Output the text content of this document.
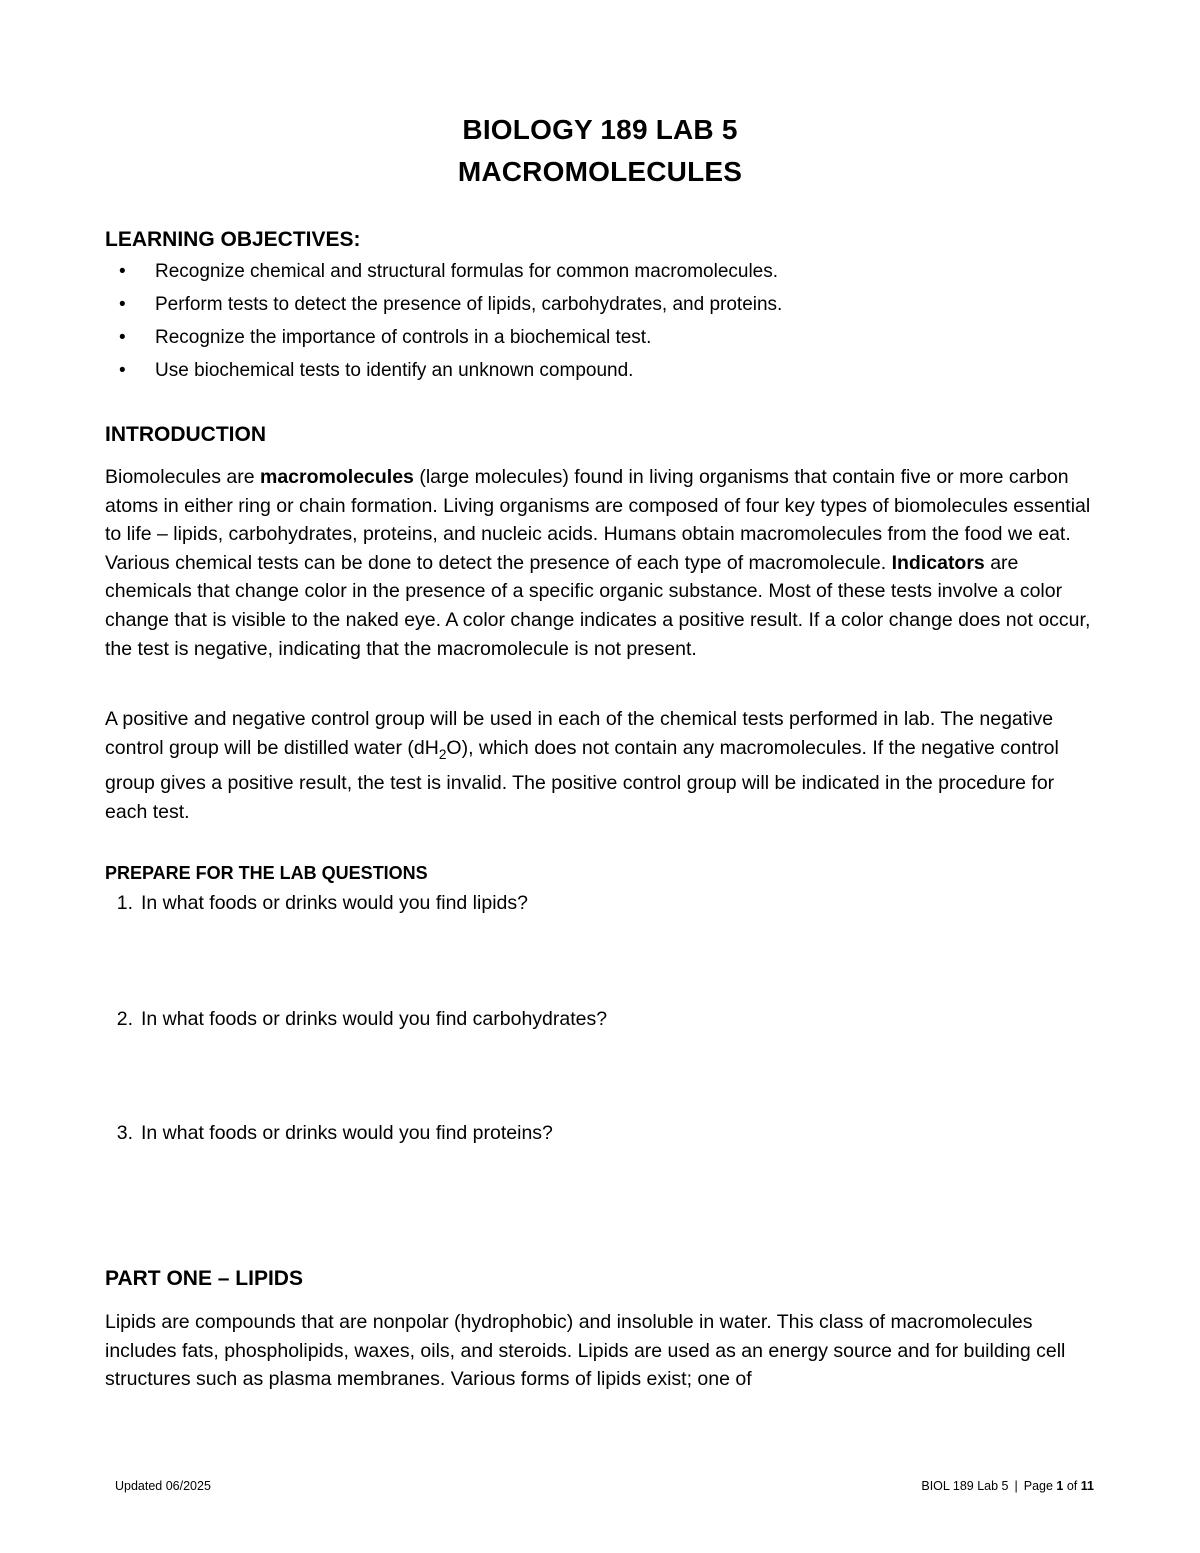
BIOLOGY 189 LAB 5
MACROMOLECULES
LEARNING OBJECTIVES:
• Recognize chemical and structural formulas for common macromolecules.
• Perform tests to detect the presence of lipids, carbohydrates, and proteins.
• Recognize the importance of controls in a biochemical test.
• Use biochemical tests to identify an unknown compound.
INTRODUCTION

Biomolecules are macromolecules (large molecules) found in living organisms that contain five or more carbon atoms in either ring or chain formation. Living organisms are composed of four key types of biomolecules essential to life – lipids, carbohydrates, proteins, and nucleic acids. Humans obtain macromolecules from the food we eat. Various chemical tests can be done to detect the presence of each type of macromolecule. Indicators are chemicals that change color in the presence of a specific organic substance. Most of these tests involve a color change that is visible to the naked eye. A color change indicates a positive result. If a color change does not occur, the test is negative, indicating that the macromolecule is not present.

A positive and negative control group will be used in each of the chemical tests performed in lab. The negative control group will be distilled water $(dH_2O)$, which does not contain any macromolecules. If the negative control group gives a positive result, the test is invalid. The positive control group will be indicated in the procedure for each test.

PREPARE FOR THE LAB QUESTIONS
1. In what foods or drinks would you find lipids?
2. In what foods or drinks would you find carbohydrates?
3. In what foods or drinks would you find proteins?
PART ONE – LIPIDS

Lipids are compounds that are nonpolar (hydrophobic) and insoluble in water. This class of macromolecules includes fats, phospholipids, waxes, oils, and steroids. Lipids are used as an energy source and for building cell structures such as plasma membranes. Various forms of lipids exist; one of

Updated 06/2025	BIOL 189 Lab 5 | Page 1 of 11
